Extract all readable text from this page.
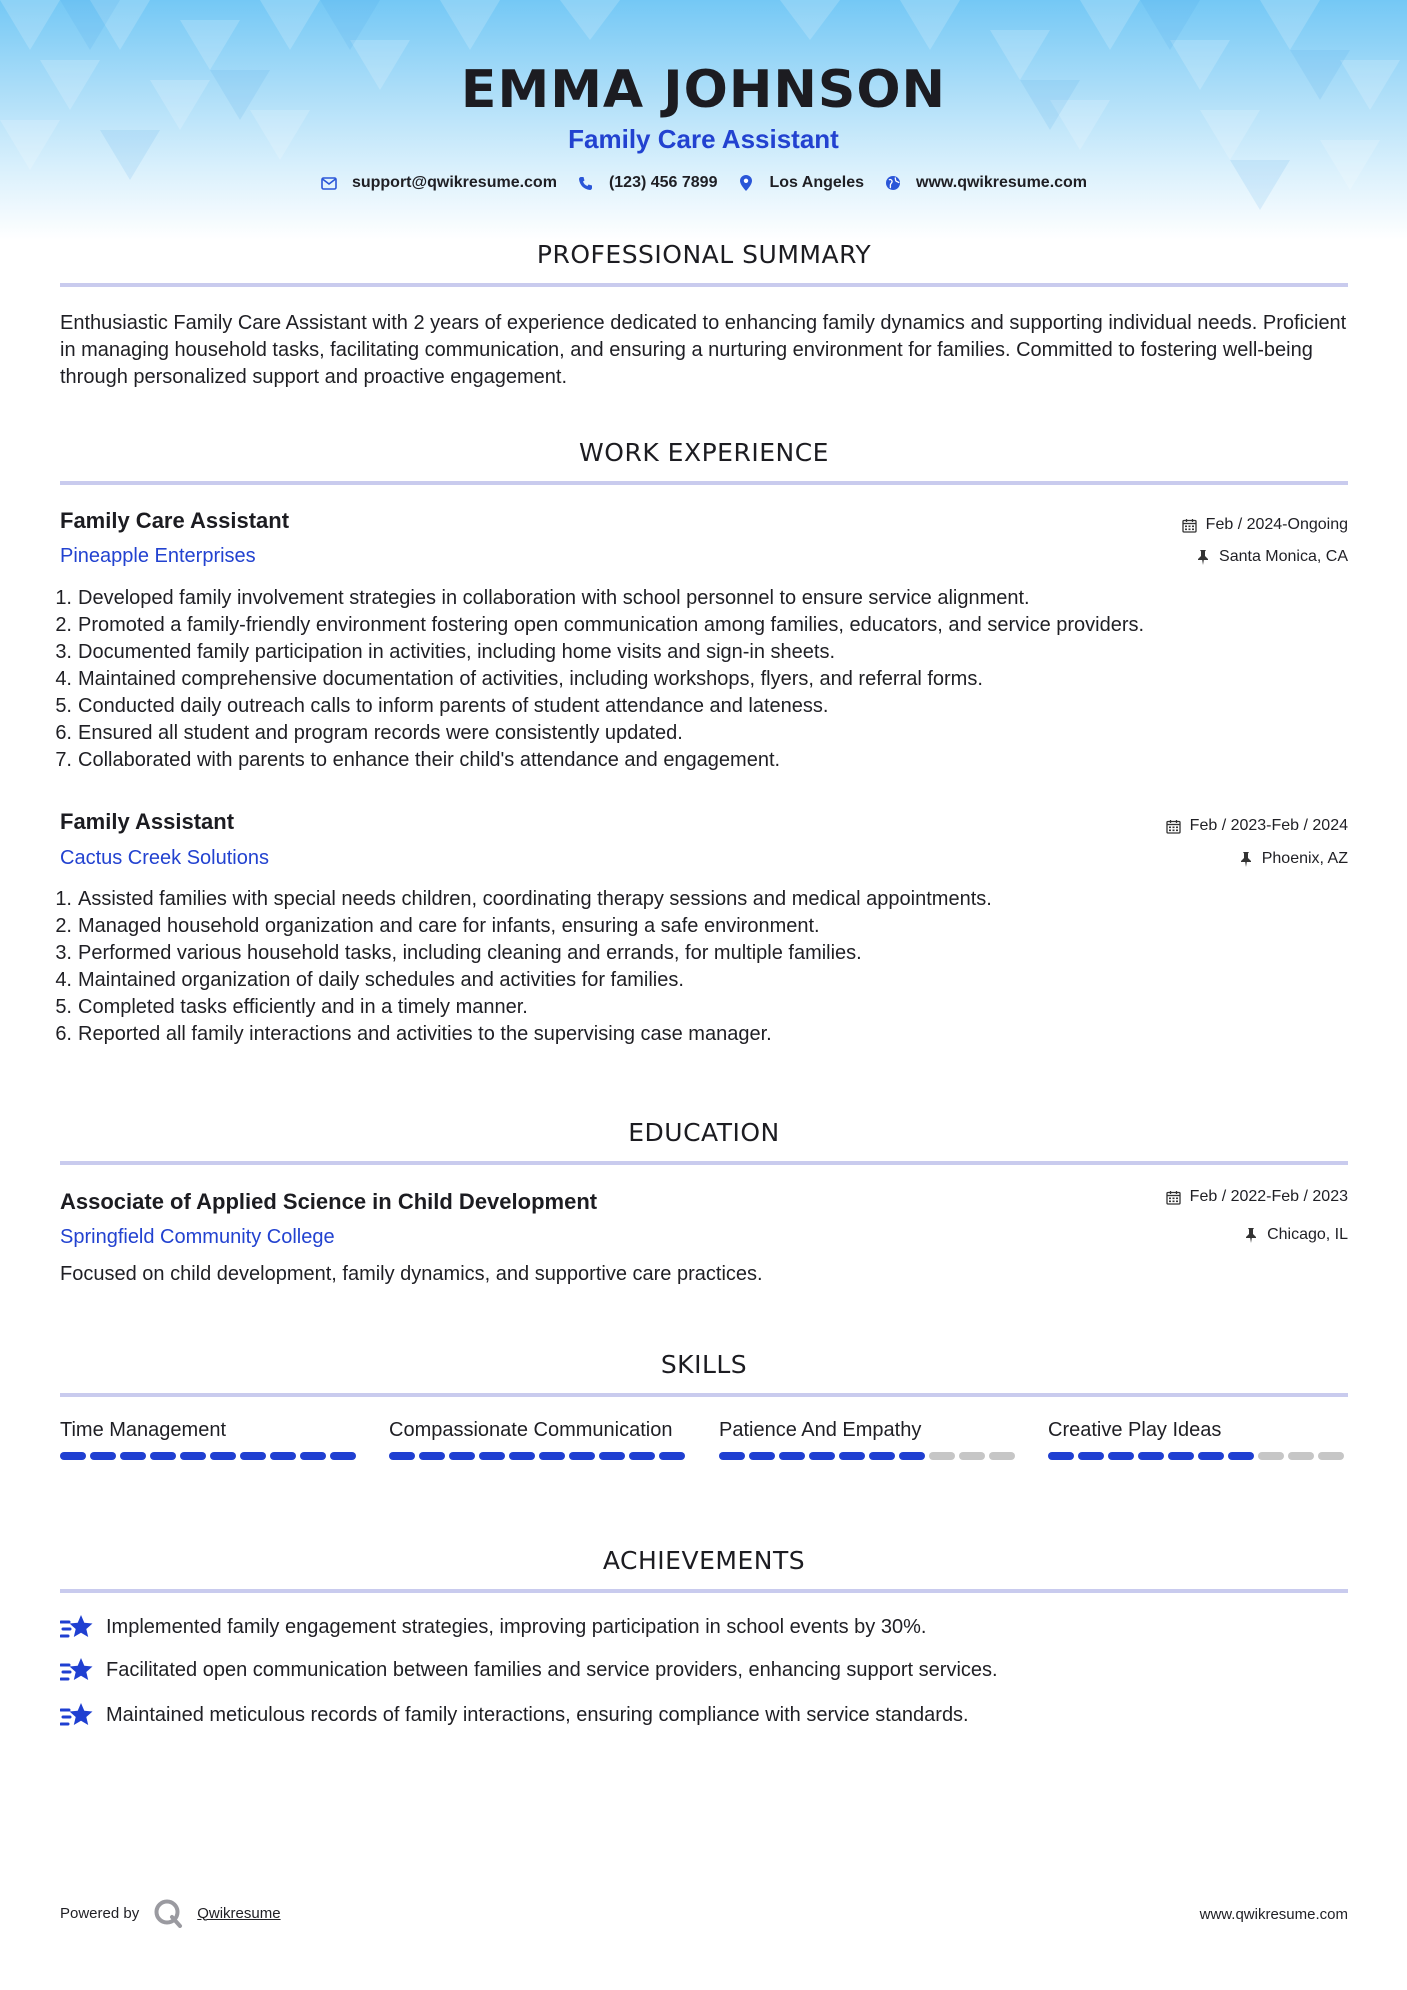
EMMA JOHNSON
Family Care Assistant
support@qwikresume.com	(123) 456 7899	Los Angeles	www.qwikresume.com
PROFESSIONAL SUMMARY
Enthusiastic Family Care Assistant with 2 years of experience dedicated to enhancing family dynamics and supporting individual needs. Proficient in managing household tasks, facilitating communication, and ensuring a nurturing environment for families. Committed to fostering well-being through personalized support and proactive engagement.
WORK EXPERIENCE
Family Care Assistant
Pineapple Enterprises
Feb / 2024-Ongoing
Santa Monica, CA
1. Developed family involvement strategies in collaboration with school personnel to ensure service alignment.
2. Promoted a family-friendly environment fostering open communication among families, educators, and service providers.
3. Documented family participation in activities, including home visits and sign-in sheets.
4. Maintained comprehensive documentation of activities, including workshops, flyers, and referral forms.
5. Conducted daily outreach calls to inform parents of student attendance and lateness.
6. Ensured all student and program records were consistently updated.
7. Collaborated with parents to enhance their child's attendance and engagement.
Family Assistant
Cactus Creek Solutions
Feb / 2023-Feb / 2024
Phoenix, AZ
1. Assisted families with special needs children, coordinating therapy sessions and medical appointments.
2. Managed household organization and care for infants, ensuring a safe environment.
3. Performed various household tasks, including cleaning and errands, for multiple families.
4. Maintained organization of daily schedules and activities for families.
5. Completed tasks efficiently and in a timely manner.
6. Reported all family interactions and activities to the supervising case manager.
EDUCATION
Associate of Applied Science in Child Development
Springfield Community College
Feb / 2022-Feb / 2023
Chicago, IL
Focused on child development, family dynamics, and supportive care practices.
SKILLS
Time Management	Compassionate Communication	Patience And Empathy	Creative Play Ideas
ACHIEVEMENTS
Implemented family engagement strategies, improving participation in school events by 30%.
Facilitated open communication between families and service providers, enhancing support services.
Maintained meticulous records of family interactions, ensuring compliance with service standards.
Powered by	Qwikresume	www.qwikresume.com
